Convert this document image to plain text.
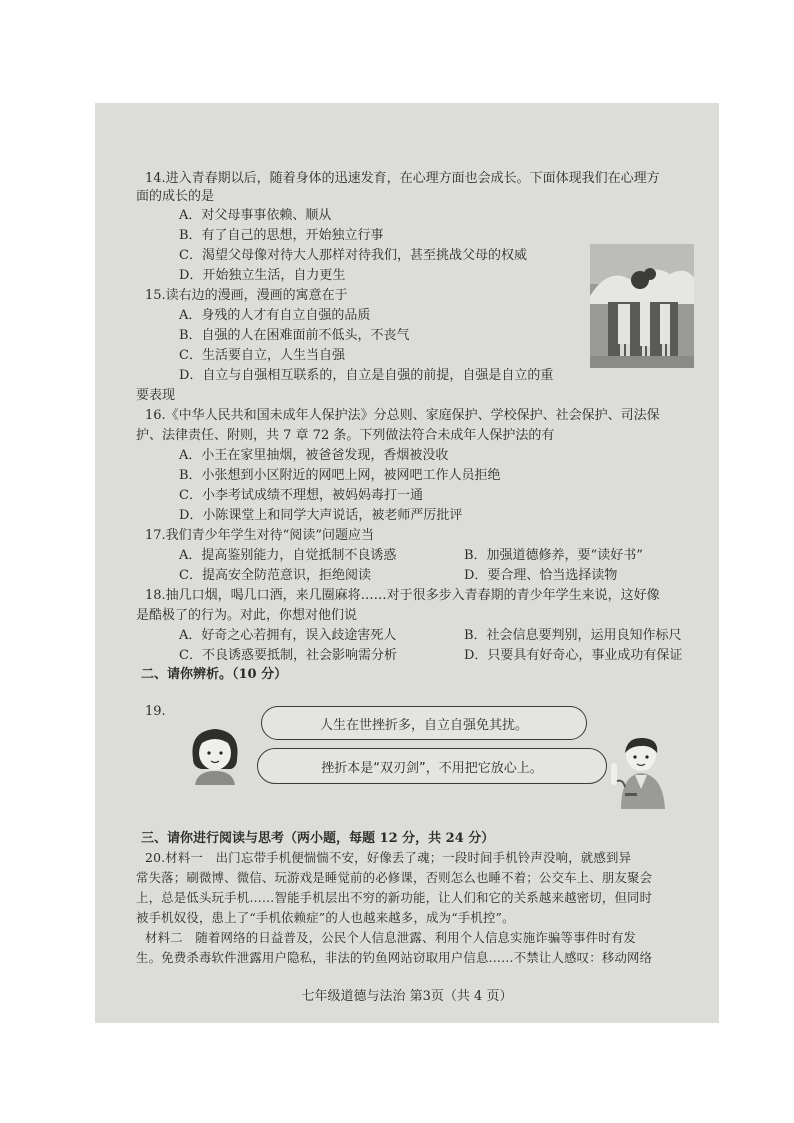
14.进入青春期以后，随着身体的迅速发育，在心理方面也会成长。下面体现我们在心理方
面的成长的是
A．对父母事事依赖、顺从
B．有了自己的思想，开始独立行事
C．渴望父母像对待大人那样对待我们，甚至挑战父母的权威
D．开始独立生活，自力更生
15.读右边的漫画，漫画的寓意在于
A．身残的人才有自立自强的品质
B．自强的人在困难面前不低头，不丧气
C．生活要自立，人生当自强
D．自立与自强相互联系的，自立是自强的前提，自强是自立的重
要表现
16.《中华人民共和国未成年人保护法》分总则、家庭保护、学校保护、社会保护、司法保
护、法律责任、附则，共 7 章 72 条。下列做法符合未成年人保护法的有
A．小王在家里抽烟，被爸爸发现，香烟被没收
B．小张想到小区附近的网吧上网，被网吧工作人员拒绝
C．小李考试成绩不理想，被妈妈毒打一通
D．小陈课堂上和同学大声说话，被老师严厉批评
17.我们青少年学生对待“阅读”问题应当
A．提高鉴别能力，自觉抵制不良诱惑	B．加强道德修养，要“读好书”
C．提高安全防范意识，拒绝阅读	D．要合理、恰当选择读物
18.抽几口烟，喝几口酒，来几圈麻将……对于很多步入青春期的青少年学生来说，这好像
是酷极了的行为。对此，你想对他们说
A．好奇之心若拥有，误入歧途害死人	B．社会信息要判别，运用良知作标尺
C．不良诱惑要抵制，社会影响需分析	D．只要具有好奇心，事业成功有保证
二、请你辨析。（10 分）
19.
人生在世挫折多，自立自强免其扰。
挫折本是“双刃剑”，不用把它放心上。
三、请你进行阅读与思考（两小题，每题 12 分，共 24 分）
20.材料一　出门忘带手机便惴惴不安，好像丢了魂；一段时间手机铃声没响，就感到异
常失落；刷微博、微信、玩游戏是睡觉前的必修课，否则怎么也睡不着；公交车上、朋友聚会
上，总是低头玩手机……智能手机层出不穷的新功能，让人们和它的关系越来越密切，但同时
被手机奴役，患上了“手机依赖症”的人也越来越多，成为“手机控”。
材料二　随着网络的日益普及，公民个人信息泄露、利用个人信息实施诈骗等事件时有发
生。免费杀毒软件泄露用户隐私，非法的钓鱼网站窃取用户信息……不禁让人感叹：移动网络
七年级道德与法治 第3页（共 4 页）
